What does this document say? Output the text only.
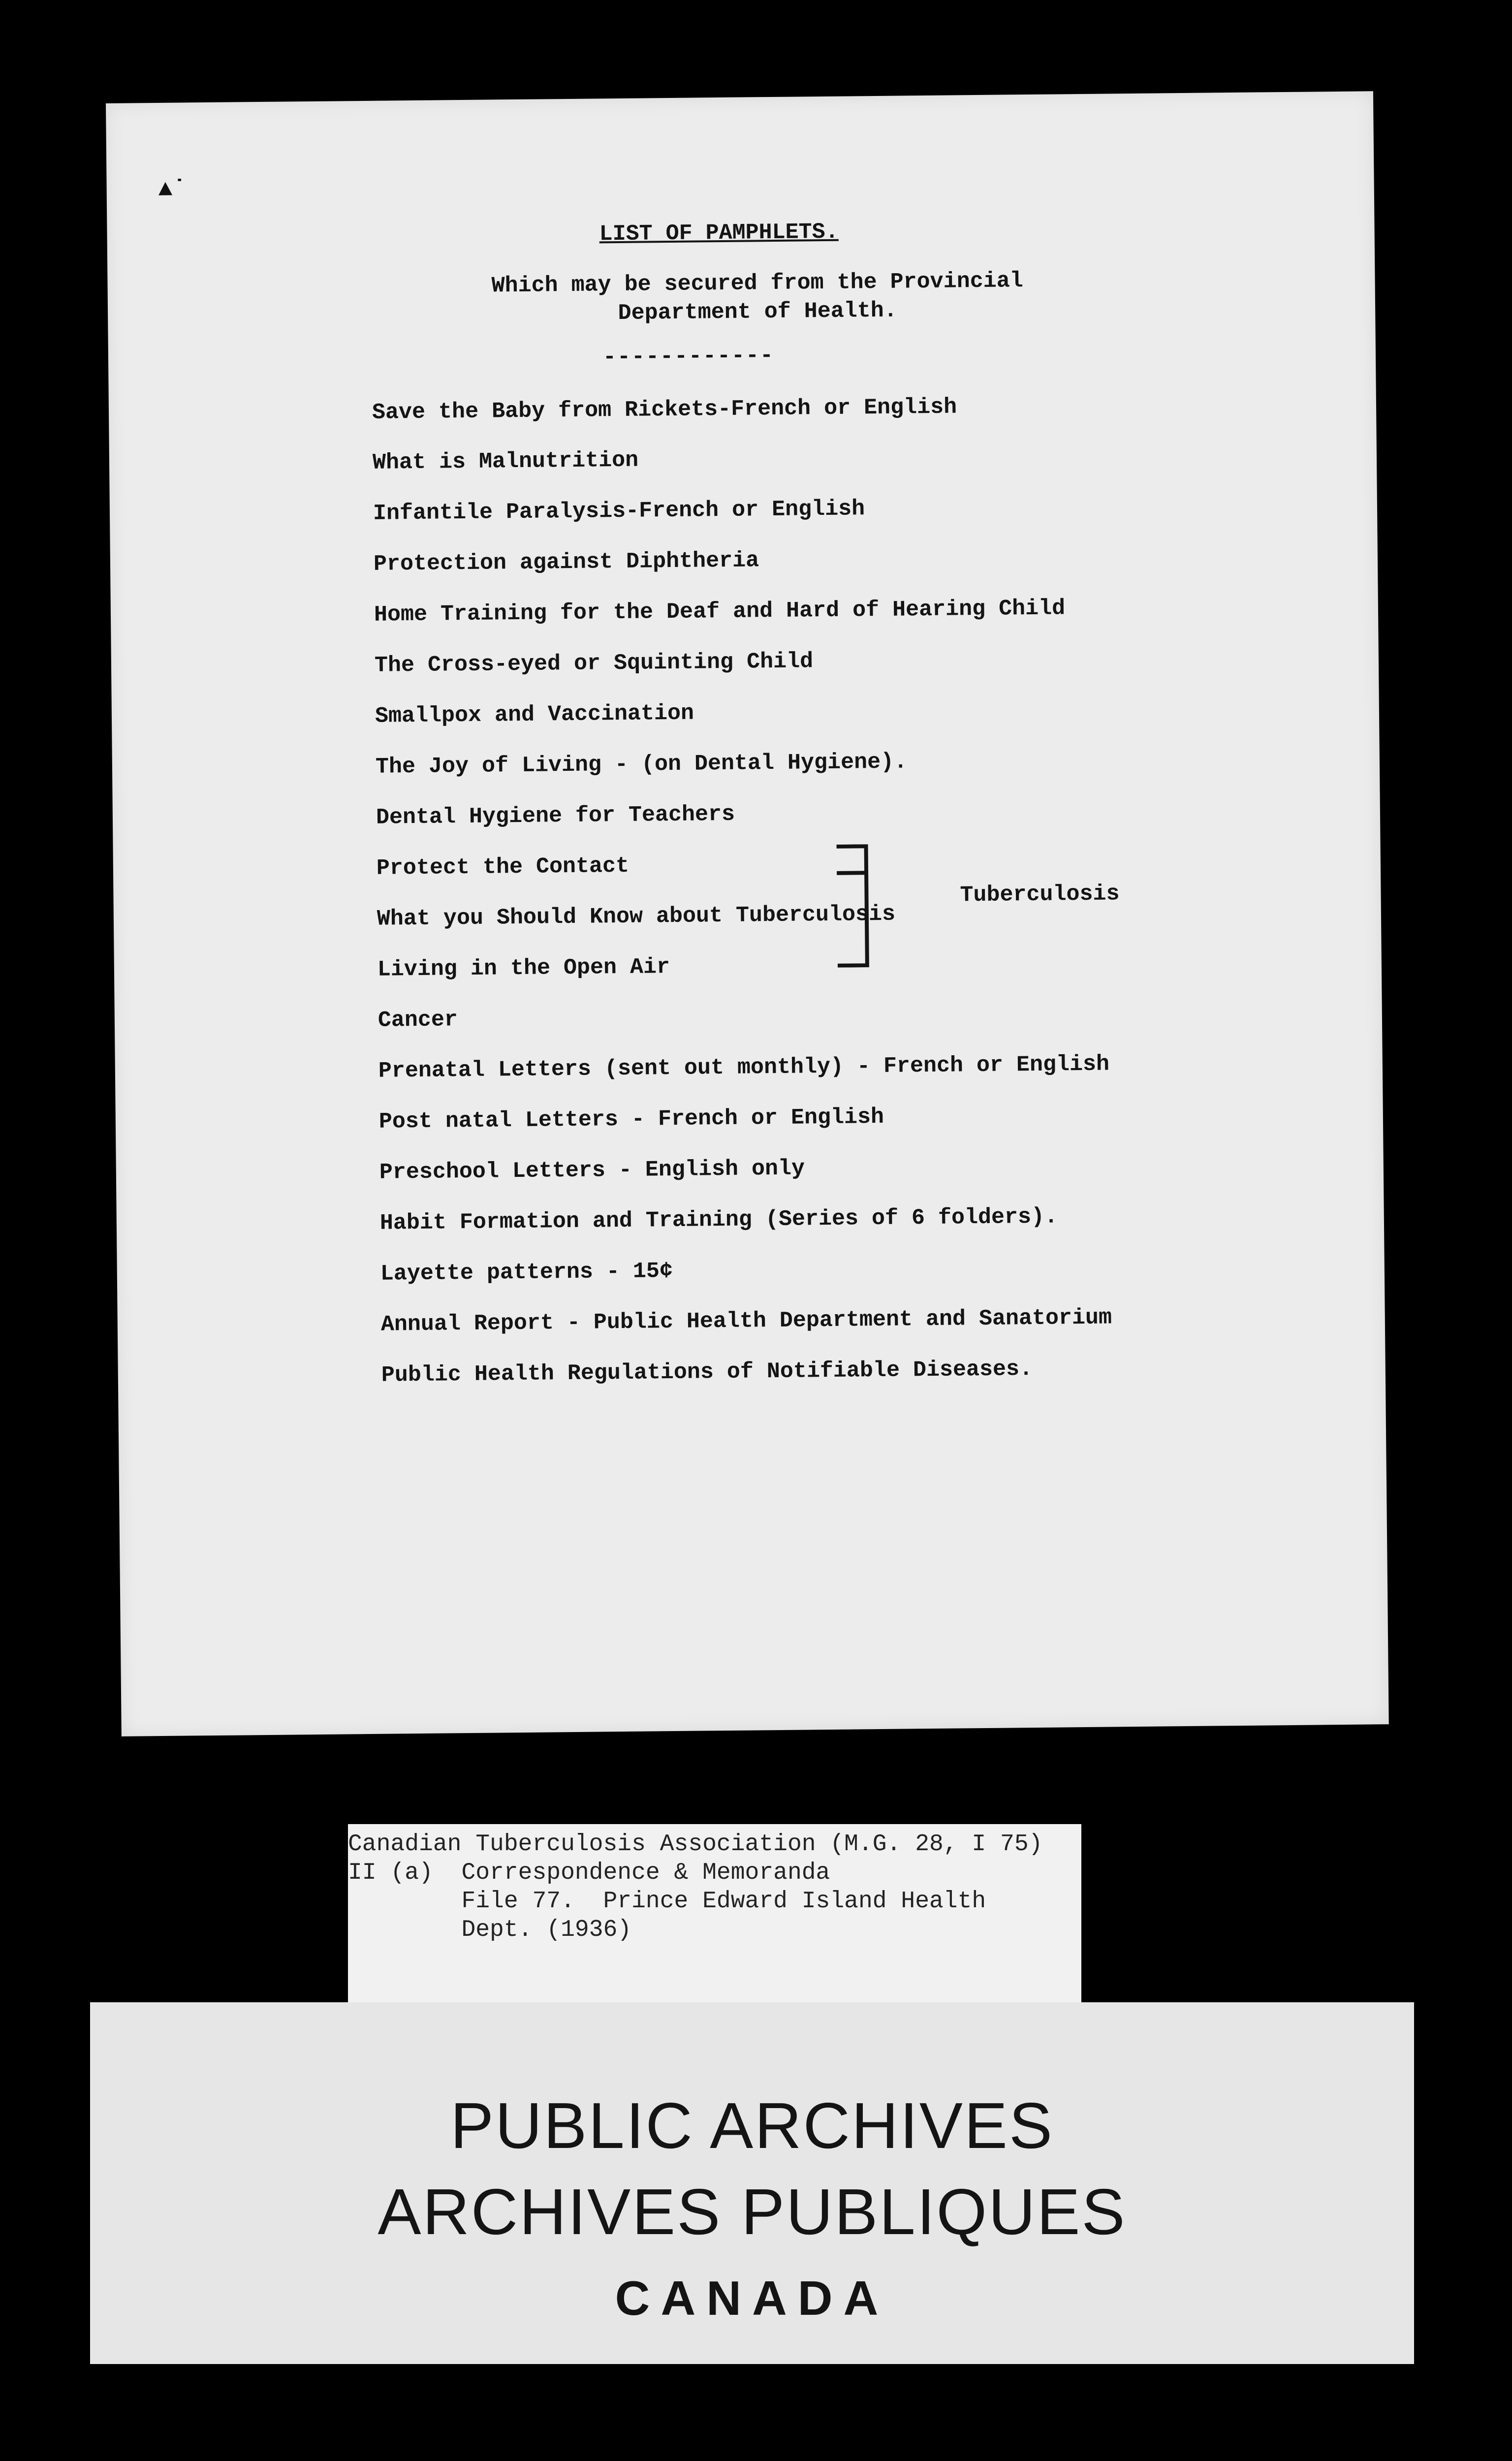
▲˙
LIST OF PAMPHLETS.
Which may be secured from the Provincial
Department of Health.
------------
Save the Baby from Rickets-French or English
What is Malnutrition
Infantile Paralysis-French or English
Protection against Diphtheria
Home Training for the Deaf and Hard of Hearing Child
The Cross-eyed or Squinting Child
Smallpox and Vaccination
The Joy of Living - (on Dental Hygiene).
Dental Hygiene for Teachers
Protect the Contact
What you Should Know about Tuberculosis
Living in the Open Air
Cancer
Prenatal Letters (sent out monthly) - French or English
Post natal Letters - French or English
Preschool Letters - English only
Habit Formation and Training (Series of 6 folders).
Layette patterns - 15¢
Annual Report - Public Health Department and Sanatorium
Public Health Regulations of Notifiable Diseases.
Tuberculosis
Canadian Tuberculosis Association (M.G. 28, I 75)
II (a)  Correspondence & Memoranda
File 77.  Prince Edward Island Health
Dept. (1936)
PUBLIC ARCHIVES
ARCHIVES PUBLIQUES
CANADA
